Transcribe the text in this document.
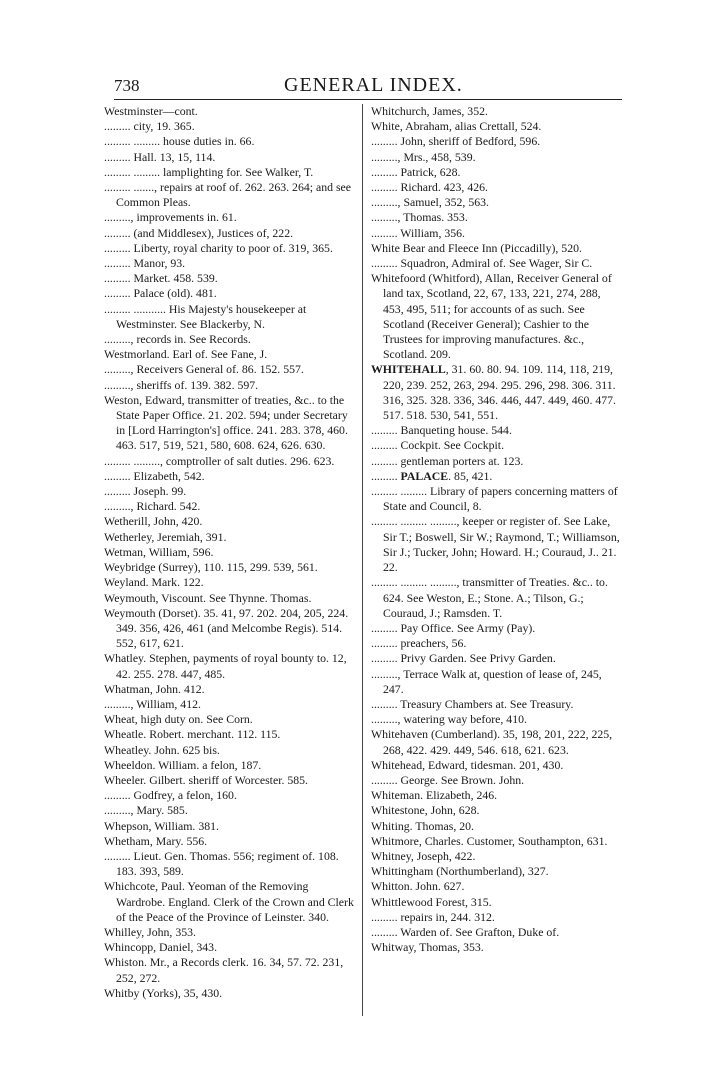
738	GENERAL INDEX.

Westminster—cont.

......... city, 19. 365.

......... ......... house duties in. 66.

......... Hall. 13, 15, 114.

......... ......... lamplighting for. See Walker, T.

......... ......., repairs at roof of. 262. 263. 264; and see Common Pleas.

........., improvements in. 61.

......... (and Middlesex), Justices of, 222.

......... Liberty, royal charity to poor of. 319, 365.

......... Manor, 93.

......... Market. 458. 539.

......... Palace (old). 481.

......... ........... His Majesty's housekeeper at Westminster. See Blackerby, N.

........., records in. See Records.

Westmorland. Earl of. See Fane, J.

........., Receivers General of. 86. 152. 557.

........., sheriffs of. 139. 382. 597.

Weston, Edward, transmitter of treaties, &c.. to the State Paper Office. 21. 202. 594; under Secretary in [Lord Harrington's] office. 241. 283. 378, 460. 463. 517, 519, 521, 580, 608. 624, 626. 630.

......... ........., comptroller of salt duties. 296. 623.

......... Elizabeth, 542.

......... Joseph. 99.

........., Richard. 542.

Wetherill, John, 420.

Wetherley, Jeremiah, 391.

Wetman, William, 596.

Weybridge (Surrey), 110. 115, 299. 539, 561.

Weyland. Mark. 122.

Weymouth, Viscount. See Thynne. Thomas.

Weymouth (Dorset). 35. 41, 97. 202. 204, 205, 224. 349. 356, 426, 461 (and Melcombe Regis). 514. 552, 617, 621.

Whatley. Stephen, payments of royal bounty to. 12, 42. 255. 278. 447, 485.

Whatman, John. 412.

........., William, 412.

Wheat, high duty on. See Corn.

Wheatle. Robert. merchant. 112. 115.

Wheatley. John. 625 bis.

Wheeldon. William. a felon, 187.

Wheeler. Gilbert. sheriff of Worcester. 585.

......... Godfrey, a felon, 160.

........., Mary. 585.

Whepson, William. 381.

Whetham, Mary. 556.

......... Lieut. Gen. Thomas. 556; regiment of. 108. 183. 393, 589.

Whichcote, Paul. Yeoman of the Removing Wardrobe. England. Clerk of the Crown and Clerk of the Peace of the Province of Leinster. 340.

Whilley, John, 353.

Whincopp, Daniel, 343.

Whiston. Mr., a Records clerk. 16. 34, 57. 72. 231, 252, 272.

Whitby (Yorks), 35, 430.

Whitchurch, James, 352.

White, Abraham, alias Crettall, 524.

......... John, sheriff of Bedford, 596.

........., Mrs., 458, 539.

......... Patrick, 628.

......... Richard. 423, 426.

........., Samuel, 352, 563.

........., Thomas. 353.

......... William, 356.

White Bear and Fleece Inn (Piccadilly), 520.

......... Squadron, Admiral of. See Wager, Sir C.

Whitefoord (Whitford), Allan, Receiver General of land tax, Scotland, 22, 67, 133, 221, 274, 288, 453, 495, 511; for accounts of as such. See Scotland (Receiver General); Cashier to the Trustees for improving manufactures. &c., Scotland. 209.

WHITEHALL, 31. 60. 80. 94. 109. 114, 118, 219, 220, 239. 252, 263, 294. 295. 296, 298. 306. 311. 316, 325. 328. 336, 346. 446, 447. 449, 460. 477. 517. 518. 530, 541, 551.

......... Banqueting house. 544.

......... Cockpit. See Cockpit.

......... gentleman porters at. 123.

......... PALACE. 85, 421.

......... ......... Library of papers concerning matters of State and Council, 8.

......... ......... ........., keeper or register of. See Lake, Sir T.; Boswell, Sir W.; Raymond, T.; Williamson, Sir J.; Tucker, John; Howard. H.; Couraud, J.. 21. 22.

......... ......... ........., transmitter of Treaties. &c.. to. 624. See Weston, E.; Stone. A.; Tilson, G.; Couraud, J.; Ramsden. T.

......... Pay Office. See Army (Pay).

......... preachers, 56.

......... Privy Garden. See Privy Garden.

........., Terrace Walk at, question of lease of, 245, 247.

......... Treasury Chambers at. See Treasury.

........., watering way before, 410.

Whitehaven (Cumberland). 35, 198, 201, 222, 225, 268, 422. 429. 449, 546. 618, 621. 623.

Whitehead, Edward, tidesman. 201, 430.

......... George. See Brown. John.

Whiteman. Elizabeth, 246.

Whitestone, John, 628.

Whiting. Thomas, 20.

Whitmore, Charles. Customer, Southampton, 631.

Whitney, Joseph, 422.

Whittingham (Northumberland), 327.

Whitton. John. 627.

Whittlewood Forest, 315.

......... repairs in, 244. 312.

......... Warden of. See Grafton, Duke of.

Whitway, Thomas, 353.
